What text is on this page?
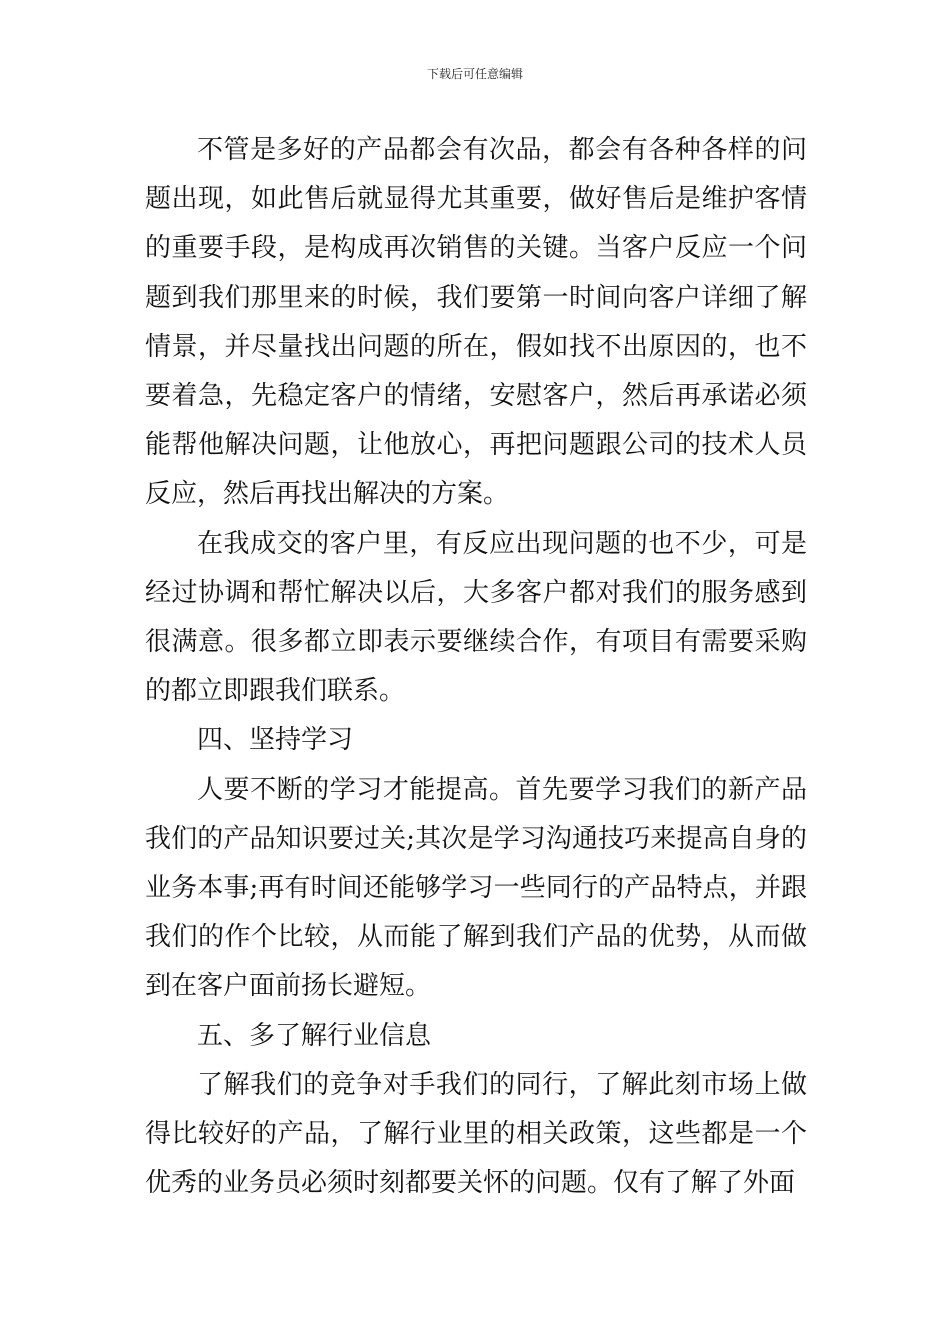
下载后可任意编辑

不管是多好的产品都会有次品，都会有各种各样的问题出现，如此售后就显得尤其重要，做好售后是维护客情的重要手段，是构成再次销售的关键。当客户反应一个问题到我们那里来的时候，我们要第一时间向客户详细了解情景，并尽量找出问题的所在，假如找不出原因的，也不要着急，先稳定客户的情绪，安慰客户，然后再承诺必须能帮他解决问题，让他放心，再把问题跟公司的技术人员反应，然后再找出解决的方案。

在我成交的客户里，有反应出现问题的也不少，可是经过协调和帮忙解决以后，大多客户都对我们的服务感到很满意。很多都立即表示要继续合作，有项目有需要采购的都立即跟我们联系。

四、坚持学习

人要不断的学习才能提高。首先要学习我们的新产品我们的产品知识要过关;其次是学习沟通技巧来提高自身的业务本事;再有时间还能够学习一些同行的产品特点，并跟我们的作个比较，从而能了解到我们产品的优势，从而做到在客户面前扬长避短。

五、多了解行业信息

了解我们的竞争对手我们的同行，了解此刻市场上做得比较好的产品，了解行业里的相关政策，这些都是一个优秀的业务员必须时刻都要关怀的问题。仅有了解了外面
